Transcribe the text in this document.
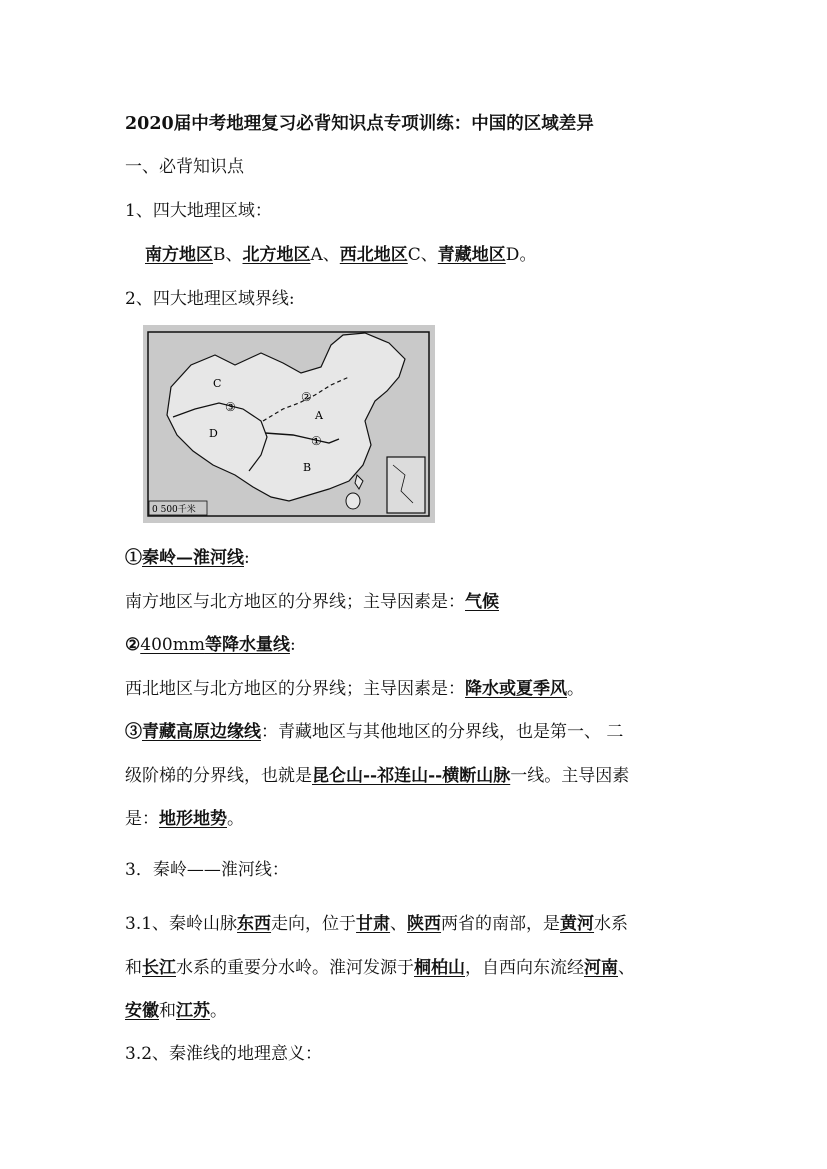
2020届中考地理复习必背知识点专项训练：中国的区域差异
一、必背知识点
1、四大地理区域：
南方地区B、北方地区A、西北地区C、青藏地区D。
2、四大地理区域界线:
C
D
A
B
③
②
①
0 500千米
①秦岭—淮河线:
南方地区与北方地区的分界线；主导因素是：气候
②400mm等降水量线:
西北地区与北方地区的分界线；主导因素是：降水或夏季风。
③青藏高原边缘线：青藏地区与其他地区的分界线，也是第一、 二
级阶梯的分界线，也就是昆仑山--祁连山--横断山脉一线。主导因素
是：地形地势。
3．秦岭——淮河线：
3.1、秦岭山脉东西走向，位于甘肃、陕西两省的南部，是黄河水系
和长江水系的重要分水岭。淮河发源于桐柏山，自西向东流经河南、
安徽和江苏。
3.2、秦淮线的地理意义：
